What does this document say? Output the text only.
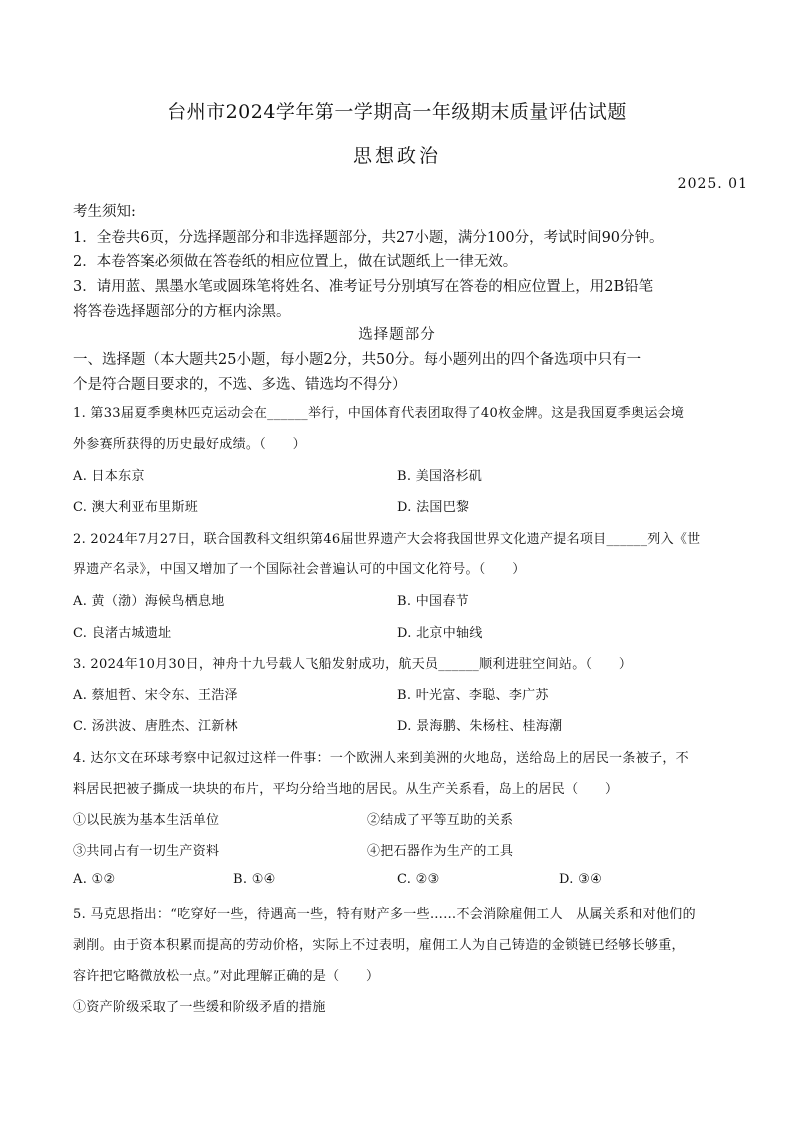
台州市2024学年第一学期高一年级期末质量评估试题
思想政治
2025. 01
考生须知:
1．全卷共6页，分选择题部分和非选择题部分，共27小题，满分100分，考试时间90分钟。
2．本卷答案必须做在答卷纸的相应位置上，做在试题纸上一律无效。
3．请用蓝、黑墨水笔或圆珠笔将姓名、准考证号分别填写在答卷的相应位置上，用2B铅笔
将答卷选择题部分的方框内涂黑。
选择题部分
一、选择题（本大题共25小题，每小题2分，共50分。每小题列出的四个备选项中只有一
个是符合题目要求的，不选、多选、错选均不得分）
1. 第33届夏季奥林匹克运动会在______举行，中国体育代表团取得了40枚金牌。这是我国夏季奥运会境
外参赛所获得的历史最好成绩。（　　）
A. 日本东京	B. 美国洛杉矶
C. 澳大利亚布里斯班	D. 法国巴黎
2. 2024年7月27日，联合国教科文组织第46届世界遗产大会将我国世界文化遗产提名项目______列入《世
界遗产名录》，中国又增加了一个国际社会普遍认可的中国文化符号。（　　）
A. 黄（渤）海候鸟栖息地	B. 中国春节
C. 良渚古城遗址	D. 北京中轴线
3. 2024年10月30日，神舟十九号载人飞船发射成功，航天员______顺利进驻空间站。（　　）
A. 蔡旭哲、宋令东、王浩泽	B. 叶光富、李聪、李广苏
C. 汤洪波、唐胜杰、江新林	D. 景海鹏、朱杨柱、桂海潮
4. 达尔文在环球考察中记叙过这样一件事：一个欧洲人来到美洲的火地岛，送给岛上的居民一条被子，不
料居民把被子撕成一块块的布片，平均分给当地的居民。从生产关系看，岛上的居民（　　）
①以民族为基本生活单位	②结成了平等互助的关系
③共同占有一切生产资料	④把石器作为生产的工具
A. ①②	B. ①④	C. ②③	D. ③④
5. 马克思指出：“吃穿好一些，待遇高一些，特有财产多一些……不会消除雇佣工人　从属关系和对他们的
剥削。由于资本积累而提高的劳动价格，实际上不过表明，雇佣工人为自己铸造的金锁链已经够长够重，
容许把它略微放松一点。”对此理解正确的是（　　）
①资产阶级采取了一些缓和阶级矛盾的措施
